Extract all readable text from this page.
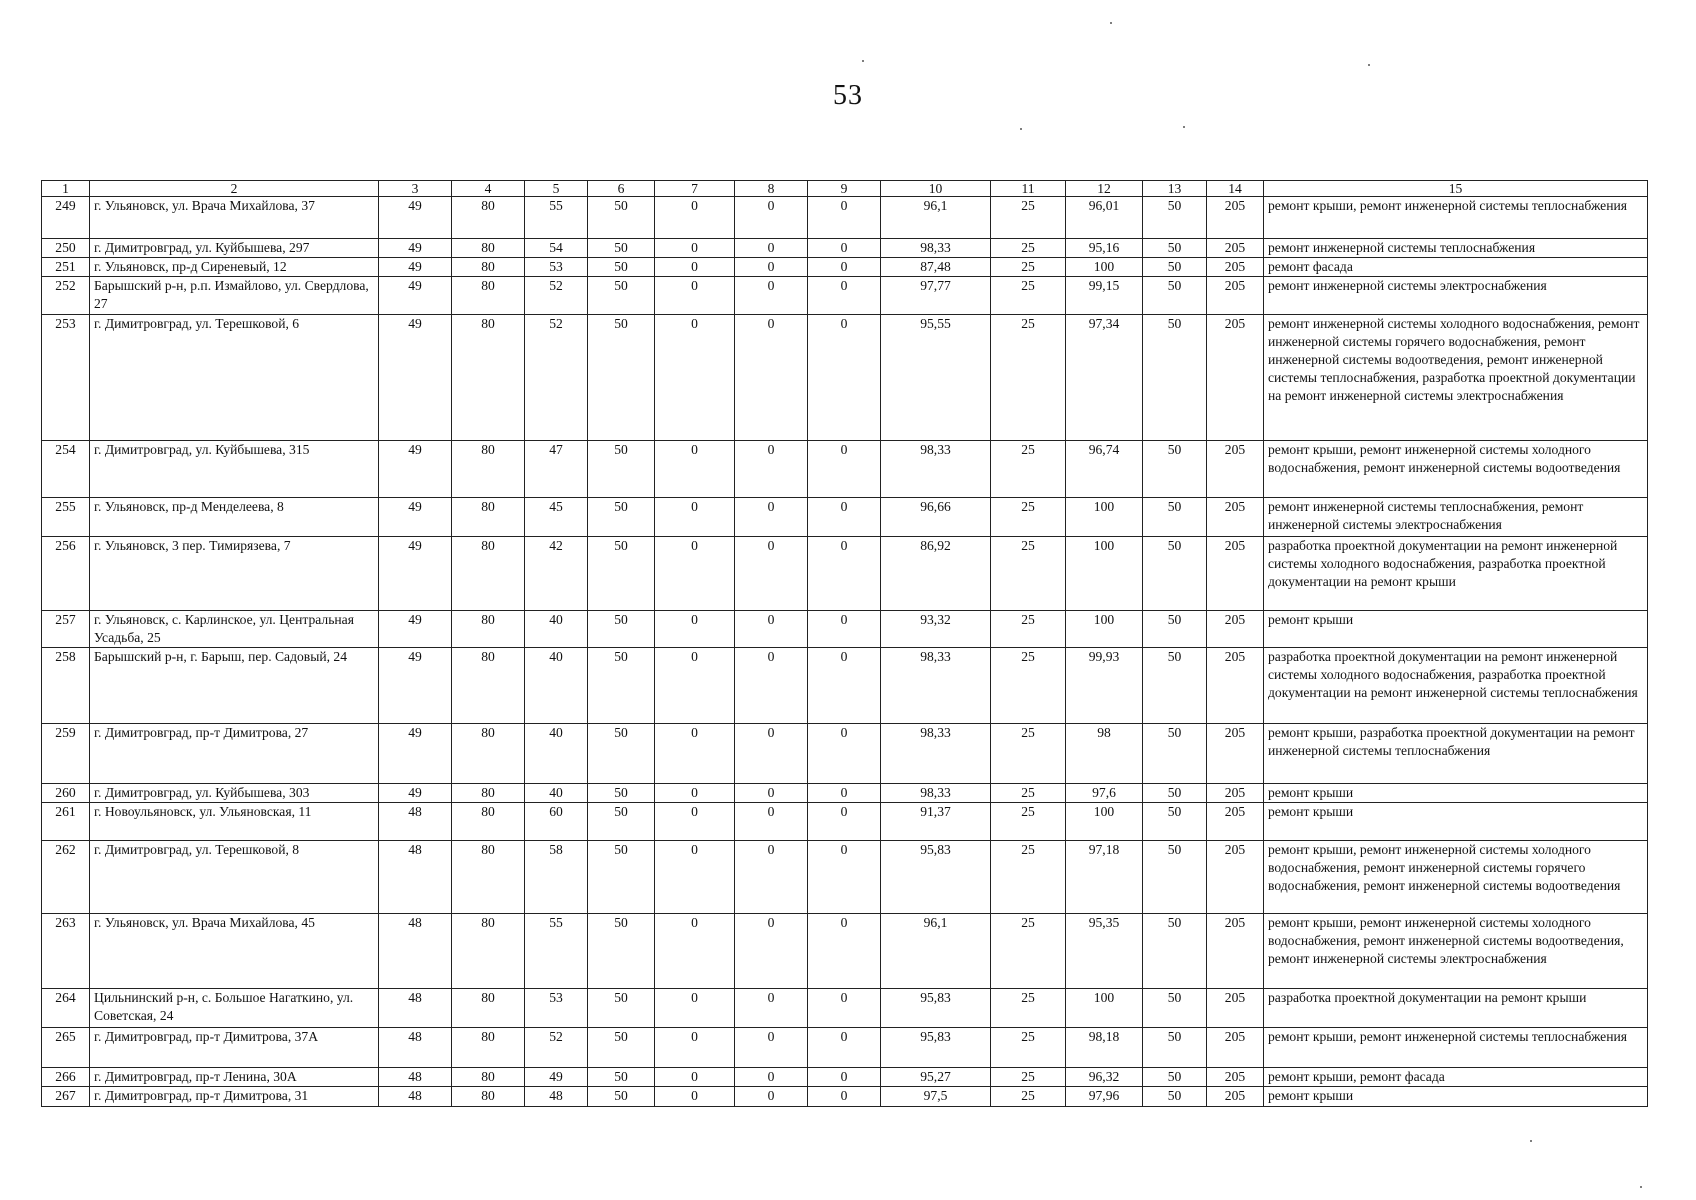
53
1	2	3	4	5	6	7	8	9	10	11	12	13	14	15
249	г. Ульяновск, ул. Врача Михайлова, 37	49	80	55	50	0	0	0	96,1	25	96,01	50	205	ремонт крыши, ремонт инженерной системы теплоснабжения
250	г. Димитровград, ул. Куйбышева, 297	49	80	54	50	0	0	0	98,33	25	95,16	50	205	ремонт инженерной системы теплоснабжения
251	г. Ульяновск, пр-д Сиреневый, 12	49	80	53	50	0	0	0	87,48	25	100	50	205	ремонт фасада
252	Барышский р-н, р.п. Измайлово, ул. Свердлова, 27	49	80	52	50	0	0	0	97,77	25	99,15	50	205	ремонт инженерной системы электроснабжения
253	г. Димитровград, ул. Терешковой, 6	49	80	52	50	0	0	0	95,55	25	97,34	50	205	ремонт инженерной системы холодного водоснабжения, ремонт инженерной системы горячего водоснабжения, ремонт инженерной системы водоотведения, ремонт инженерной системы теплоснабжения, разработка проектной документации на ремонт инженерной системы электроснабжения
254	г. Димитровград, ул. Куйбышева, 315	49	80	47	50	0	0	0	98,33	25	96,74	50	205	ремонт крыши, ремонт инженерной системы холодного водоснабжения, ремонт инженерной системы водоотведения
255	г. Ульяновск, пр-д Менделеева, 8	49	80	45	50	0	0	0	96,66	25	100	50	205	ремонт инженерной системы теплоснабжения, ремонт инженерной системы электроснабжения
256	г. Ульяновск, 3 пер. Тимирязева, 7	49	80	42	50	0	0	0	86,92	25	100	50	205	разработка проектной документации на ремонт инженерной системы холодного водоснабжения, разработка проектной документации на ремонт крыши
257	г. Ульяновск, с. Карлинское, ул. Центральная Усадьба, 25	49	80	40	50	0	0	0	93,32	25	100	50	205	ремонт крыши
258	Барышский р-н, г. Барыш, пер. Садовый, 24	49	80	40	50	0	0	0	98,33	25	99,93	50	205	разработка проектной документации на ремонт инженерной системы холодного водоснабжения, разработка проектной документации на ремонт инженерной системы теплоснабжения
259	г. Димитровград, пр-т Димитрова, 27	49	80	40	50	0	0	0	98,33	25	98	50	205	ремонт крыши, разработка проектной документации на ремонт инженерной системы теплоснабжения
260	г. Димитровград, ул. Куйбышева, 303	49	80	40	50	0	0	0	98,33	25	97,6	50	205	ремонт крыши
261	г. Новоульяновск, ул. Ульяновская, 11	48	80	60	50	0	0	0	91,37	25	100	50	205	ремонт крыши
262	г. Димитровград, ул. Терешковой, 8	48	80	58	50	0	0	0	95,83	25	97,18	50	205	ремонт крыши, ремонт инженерной системы холодного водоснабжения, ремонт инженерной системы горячего водоснабжения, ремонт инженерной системы водоотведения
263	г. Ульяновск, ул. Врача Михайлова, 45	48	80	55	50	0	0	0	96,1	25	95,35	50	205	ремонт крыши, ремонт инженерной системы холодного водоснабжения, ремонт инженерной системы водоотведения, ремонт инженерной системы электроснабжения
264	Цильнинский р-н, с. Большое Нагаткино, ул. Советская, 24	48	80	53	50	0	0	0	95,83	25	100	50	205	разработка проектной документации на ремонт крыши
265	г. Димитровград, пр-т Димитрова, 37А	48	80	52	50	0	0	0	95,83	25	98,18	50	205	ремонт крыши, ремонт инженерной системы теплоснабжения
266	г. Димитровград, пр-т Ленина, 30А	48	80	49	50	0	0	0	95,27	25	96,32	50	205	ремонт крыши, ремонт фасада
267	г. Димитровград, пр-т Димитрова, 31	48	80	48	50	0	0	0	97,5	25	97,96	50	205	ремонт крыши
